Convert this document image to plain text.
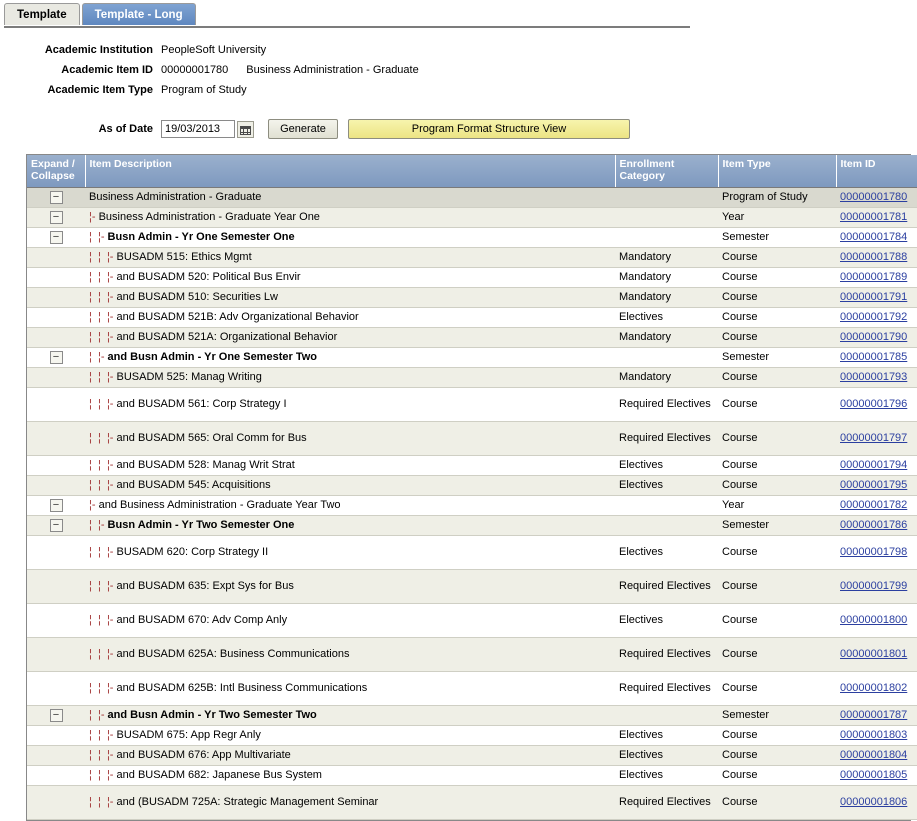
Template Template - Long
Academic Institution PeopleSoft University
Academic Item ID 00000001780 Business Administration - Graduate
Academic Item Type Program of Study
As of Date
19/03/2013	Generate	Program Format Structure View
Expand / Collapse	Item Description	Enrollment Category	Item Type	Item ID
−	Business Administration - Graduate		Program of Study	00000001780
−	¦- Business Administration - Graduate Year One		Year	00000001781
−	¦  ¦- Busn Admin - Yr One Semester One		Semester	00000001784
	¦  ¦  ¦- BUSADM 515: Ethics Mgmt	Mandatory	Course	00000001788
	¦  ¦  ¦- and BUSADM 520: Political Bus Envir	Mandatory	Course	00000001789
	¦  ¦  ¦- and BUSADM 510: Securities Lw	Mandatory	Course	00000001791
	¦  ¦  ¦- and BUSADM 521B: Adv Organizational Behavior	Electives	Course	00000001792
	¦  ¦  ¦- and BUSADM 521A: Organizational Behavior	Mandatory	Course	00000001790
−	¦  ¦- and Busn Admin - Yr One Semester Two		Semester	00000001785
	¦  ¦  ¦- BUSADM 525: Manag Writing	Mandatory	Course	00000001793
	¦  ¦  ¦- and BUSADM 561: Corp Strategy I	Required Electives	Course	00000001796
	¦  ¦  ¦- and BUSADM 565: Oral Comm for Bus	Required Electives	Course	00000001797
	¦  ¦  ¦- and BUSADM 528: Manag Writ Strat	Electives	Course	00000001794
	¦  ¦  ¦- and BUSADM 545: Acquisitions	Electives	Course	00000001795
−	¦- and Business Administration - Graduate Year Two		Year	00000001782
−	¦  ¦- Busn Admin - Yr Two Semester One		Semester	00000001786
	¦  ¦  ¦- BUSADM 620: Corp Strategy II	Electives	Course	00000001798
	¦  ¦  ¦- and BUSADM 635: Expt Sys for Bus	Required Electives	Course	00000001799
	¦  ¦  ¦- and BUSADM 670: Adv Comp Anly	Electives	Course	00000001800
	¦  ¦  ¦- and BUSADM 625A: Business Communications	Required Electives	Course	00000001801
	¦  ¦  ¦- and BUSADM 625B: Intl Business Communications	Required Electives	Course	00000001802
−	¦  ¦- and Busn Admin - Yr Two Semester Two		Semester	00000001787
	¦  ¦  ¦- BUSADM 675: App Regr Anly	Electives	Course	00000001803
	¦  ¦  ¦- and BUSADM 676: App Multivariate	Electives	Course	00000001804
	¦  ¦  ¦- and BUSADM 682: Japanese Bus System	Electives	Course	00000001805
	¦  ¦  ¦- and (BUSADM 725A: Strategic Management Seminar	Required Electives	Course	00000001806
